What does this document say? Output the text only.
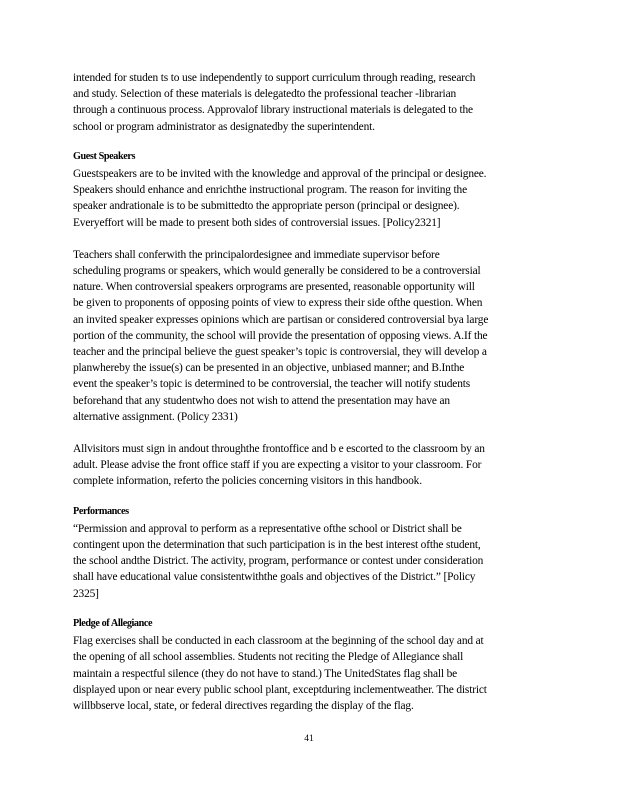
intended for studen ts to use independently to support curriculum through reading, research
and study. Selection of these materials is delegatedto the professional teacher -librarian
through a continuous process. Approvalof library instructional materials is delegated to the
school or program administrator as designatedby the superintendent.

Guest Speakers

Guestspeakers are to be invited with the knowledge and approval of the principal or designee.
Speakers should enhance and enrichthe instructional program. The reason for inviting the
speaker andrationale is to be submittedto the appropriate person (principal or designee).
Everyeffort will be made to present both sides of controversial issues. [Policy2321]

Teachers shall conferwith the principalordesignee and immediate supervisor before
scheduling programs or speakers, which would generally be considered to be a controversial
nature. When controversial speakers orprograms are presented, reasonable opportunity will
be given to proponents of opposing points of view to express their side ofthe question. When
an invited speaker expresses opinions which are partisan or considered controversial bya large
portion of the community, the school will provide the presentation of opposing views. A.If the
teacher and the principal believe the guest speaker’s topic is controversial, they will develop a
planwhereby the issue(s) can be presented in an objective, unbiased manner; and B.Inthe
event the speaker’s topic is determined to be controversial, the teacher will notify students
beforehand that any studentwho does not wish to attend the presentation may have an
alternative assignment. (Policy 2331)

Allvisitors must sign in andout throughthe frontoffice and b e escorted to the classroom by an
adult. Please advise the front office staff if you are expecting a visitor to your classroom. For
complete information, referto the policies concerning visitors in this handbook.

Performances

“Permission and approval to perform as a representative ofthe school or District shall be
contingent upon the determination that such participation is in the best interest ofthe student,
the school andthe District. The activity, program, performance or contest under consideration
shall have educational value consistentwiththe goals and objectives of the District.” [Policy
2325]

Pledge of Allegiance

Flag exercises shall be conducted in each classroom at the beginning of the school day and at
the opening of all school assemblies. Students not reciting the Pledge of Allegiance shall
maintain a respectful silence (they do not have to stand.) The UnitedStates flag shall be
displayed upon or near every public school plant, exceptduring inclementweather. The district
willbbserve local, state, or federal directives regarding the display of the flag.

41
